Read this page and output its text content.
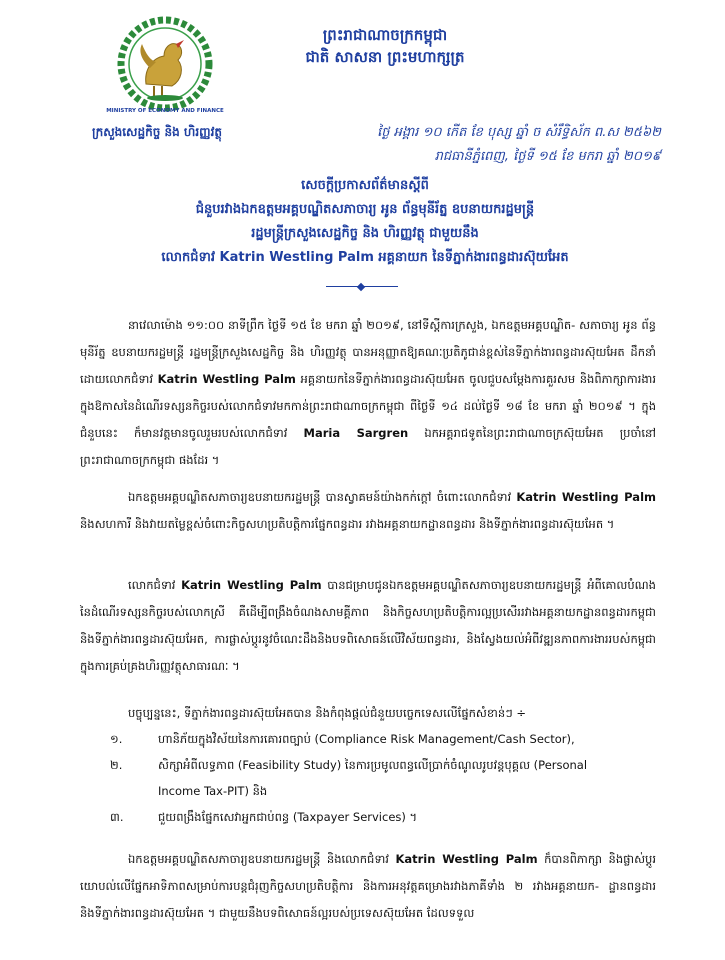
MINISTRY OF ECONOMY AND FINANCE
ក្រសួងសេដ្ឋកិច្ច និង ហិរញ្ញវត្ថុ
ព្រះរាជាណាចក្រកម្ពុជា
ជាតិ សាសនា ព្រះមហាក្សត្រ
ថ្ងៃ អង្គារ ១០ កើត ខែ បុស្ស ឆ្នាំ ច សំរឹទ្ធិស័ក ព.ស ២៥៦២
រាជធានីភ្នំពេញ, ថ្ងៃទី ១៥ ខែ មករា ឆ្នាំ ២០១៩
សេចក្តីប្រកាសព័ត៌មានស្តីពី
ជំនួបរវាងឯកឧត្តមអគ្គបណ្ឌិតសភាចារ្យ អូន ព័ន្ធមុនីរ័ត្ន ឧបនាយករដ្ឋមន្ត្រី
រដ្ឋមន្ត្រីក្រសួងសេដ្ឋកិច្ច និង ហិរញ្ញវត្ថុ ជាមួយនឹង
លោកជំទាវ Katrin Westling Palm អគ្គនាយក នៃទីភ្នាក់ងារពន្ធដារស៊ុយអែត

នាវេលាម៉ោង ១១:០០ នាទីព្រឹក ថ្ងៃទី ១៥ ខែ មករា ឆ្នាំ ២០១៩, នៅទីស្តីការក្រសួង, ឯកឧត្តមអគ្គបណ្ឌិត- សភាចារ្យ អូន ព័ន្ធមុនីរ័ត្ន ឧបនាយករដ្ឋមន្ត្រី រដ្ឋមន្ត្រីក្រសួងសេដ្ឋកិច្ច និង ហិរញ្ញវត្ថុ បានអនុញ្ញាតឱ្យគណៈប្រតិភូជាន់ខ្ពស់នៃទីភ្នាក់ងារពន្ធដារស៊ុយអែត ដឹកនាំដោយលោកជំទាវ Katrin Westling Palm អគ្គនាយកនៃទីភ្នាក់ងារពន្ធដារស៊ុយអែត ចូលជួបសម្តែងការគួរសម និងពិភាក្សាការងារ ក្នុងឱកាសនៃដំណើរទស្សនកិច្ចរបស់លោកជំទាវមកកាន់ព្រះរាជាណាចក្រកម្ពុជា ពីថ្ងៃទី ១៤ ដល់ថ្ងៃទី ១៨ ខែ មករា ឆ្នាំ ២០១៩ ។ ក្នុងជំនួបនេះ ក៏មានវត្តមានចូលរួមរបស់លោកជំទាវ Maria Sargren ឯកអគ្គរាជទូតនៃព្រះរាជាណាចក្រស៊ុយអែត ប្រចាំនៅព្រះរាជាណាចក្រកម្ពុជា ផងដែរ ។

ឯកឧត្តមអគ្គបណ្ឌិតសភាចារ្យឧបនាយករដ្ឋមន្ត្រី បានស្វាគមន៍យ៉ាងកក់ក្តៅ ចំពោះលោកជំទាវ Katrin Westling Palm និងសហការី និងវាយតម្លៃខ្ពស់ចំពោះកិច្ចសហប្រតិបត្តិការផ្នែកពន្ធដារ រវាងអគ្គនាយកដ្ឋានពន្ធដារ និងទីភ្នាក់ងារពន្ធដារស៊ុយអែត ។

លោកជំទាវ Katrin Westling Palm បានជម្រាបជូនឯកឧត្តមអគ្គបណ្ឌិតសភាចារ្យឧបនាយករដ្ឋមន្ត្រី អំពីគោលបំណងនៃដំណើរទស្សនកិច្ចរបស់លោកស្រី គឺដើម្បីពង្រឹងចំណងសាមគ្គីភាព និងកិច្ចសហប្រតិបត្តិការល្អប្រសើររវាងអគ្គនាយកដ្ឋានពន្ធដារកម្ពុជា និងទីភ្នាក់ងារពន្ធដារស៊ុយអែត, ការផ្លាស់ប្តូរនូវចំណេះដឹងនិងបទពិសោធន៍លើវិស័យពន្ធដារ, និងស្វែងយល់អំពីវឌ្ឍនភាពការងាររបស់កម្ពុជាក្នុងការគ្រប់គ្រងហិរញ្ញវត្ថុសាធារណៈ ។

បច្ចុប្បន្ននេះ, ទីភ្នាក់ងារពន្ធដារស៊ុយអែតបាន និងកំពុងផ្តល់ជំនួយបច្ចេកទេសលើផ្នែកសំខាន់ៗ ÷

១.	ហានិភ័យក្នុងវិស័យនៃការគោរពច្បាប់ (Compliance Risk Management/Cash Sector),

២.	សិក្សាអំពីលទ្ធភាព (Feasibility Study) នៃការប្រមូលពន្ធលើប្រាក់ចំណូលរូបវន្តបុគ្គល (Personal

Income Tax-PIT) និង

៣.	ជួយពង្រឹងផ្នែកសេវាអ្នកជាប់ពន្ធ (Taxpayer Services) ។

ឯកឧត្តមអគ្គបណ្ឌិតសភាចារ្យឧបនាយករដ្ឋមន្ត្រី និងលោកជំទាវ Katrin Westling Palm ក៏បានពិភាក្សា និងផ្លាស់ប្តូរយោបល់លើផ្នែកអាទិភាពសម្រាប់ការបន្តជំរុញកិច្ចសហប្រតិបត្តិការ និងការអនុវត្តគម្រោងរវាងភាគីទាំង ២ រវាងអគ្គនាយក- ដ្ឋានពន្ធដារ និងទីភ្នាក់ងារពន្ធដារស៊ុយអែត ។ ជាមួយនឹងបទពិសោធន៍ល្អរបស់ប្រទេសស៊ុយអែត ដែលទទួល
